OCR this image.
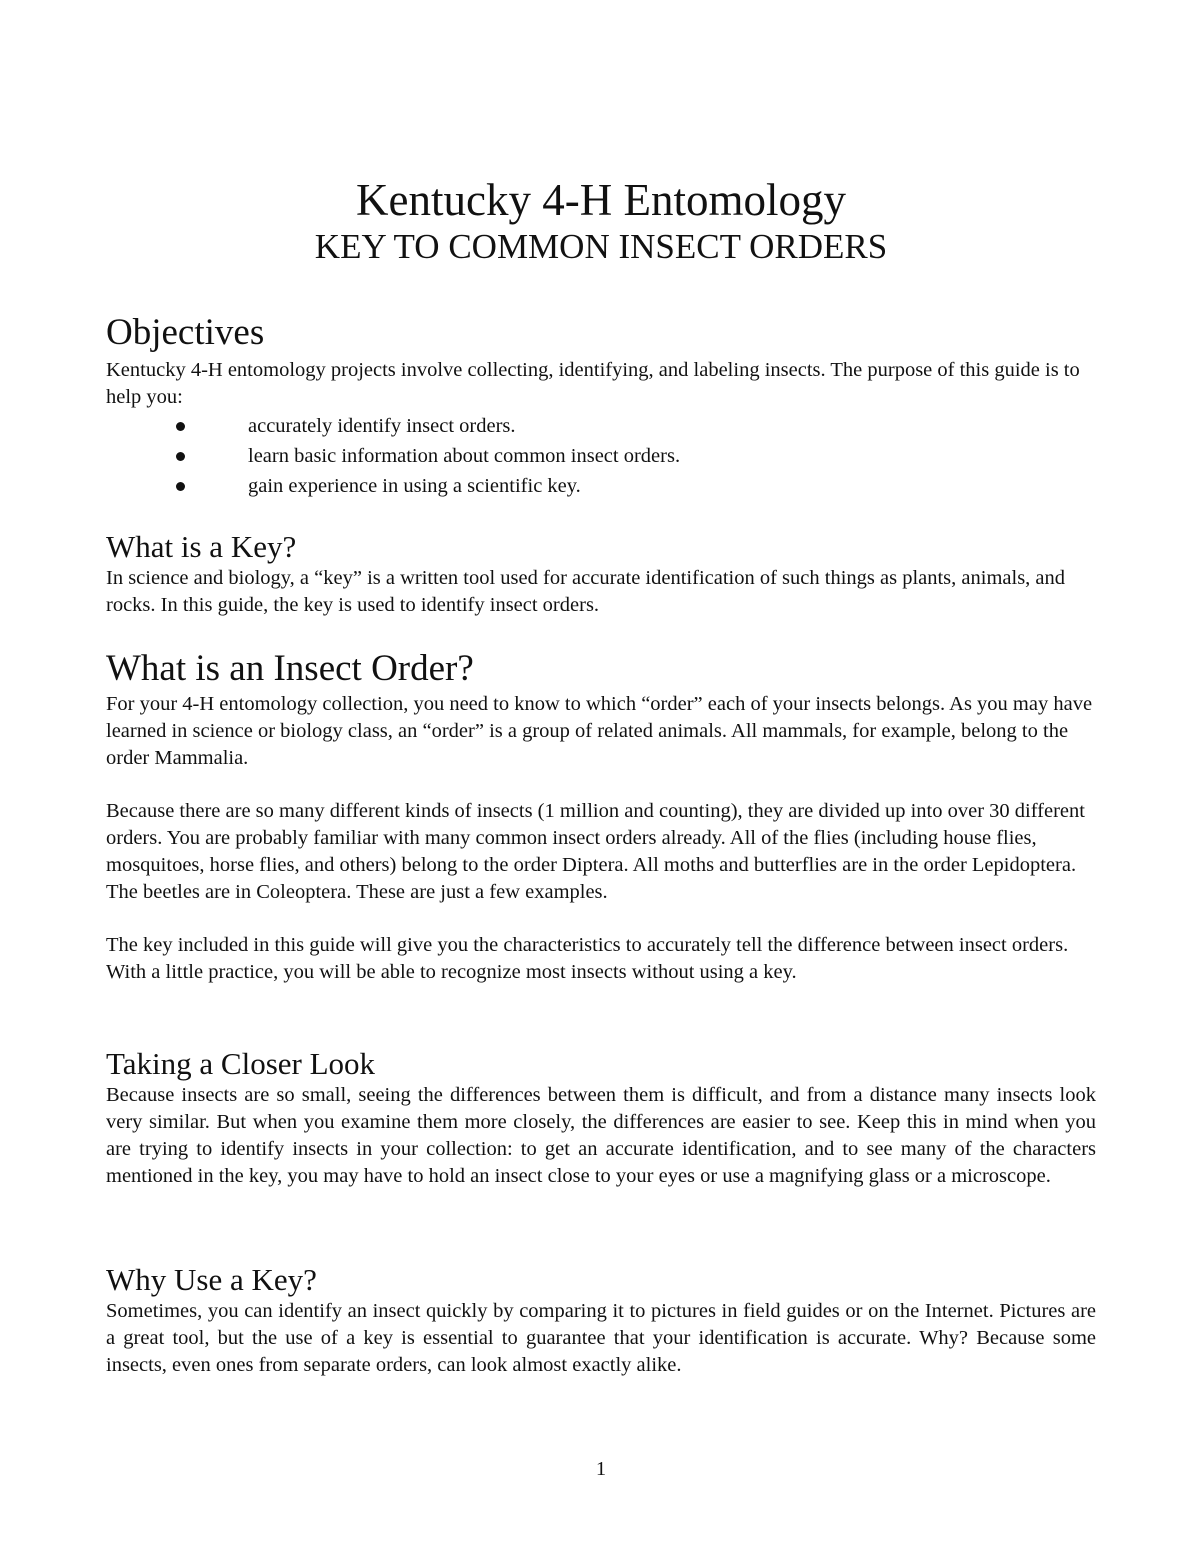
Kentucky 4-H Entomology
KEY TO COMMON INSECT ORDERS
Objectives

Kentucky 4-H entomology projects involve collecting, identifying, and labeling insects. The purpose of this guide is to help you:

accurately identify insect orders.
learn basic information about common insect orders.
gain experience in using a scientific key.
What is a Key?

In science and biology, a “key” is a written tool used for accurate identification of such things as plants, animals, and rocks. In this guide, the key is used to identify insect orders.

What is an Insect Order?

For your 4-H entomology collection, you need to know to which “order” each of your insects belongs. As you may have learned in science or biology class, an “order” is a group of related animals. All mammals, for example, belong to the order Mammalia.

Because there are so many different kinds of insects (1 million and counting), they are divided up into over 30 different orders. You are probably familiar with many common insect orders already. All of the flies (including house flies, mosquitoes, horse flies, and others) belong to the order Diptera. All moths and butterflies are in the order Lepidoptera. The beetles are in Coleoptera. These are just a few examples.

The key included in this guide will give you the characteristics to accurately tell the difference between insect orders. With a little practice, you will be able to recognize most insects without using a key.

Taking a Closer Look

Because insects are so small, seeing the differences between them is difficult, and from a distance many insects look very similar. But when you examine them more closely, the differences are easier to see. Keep this in mind when you are trying to identify insects in your collection: to get an accurate identification, and to see many of the characters mentioned in the key, you may have to hold an insect close to your eyes or use a magnifying glass or a microscope.

Why Use a Key?

Sometimes, you can identify an insect quickly by comparing it to pictures in field guides or on the Internet. Pictures are a great tool, but the use of a key is essential to guarantee that your identification is accurate. Why? Because some insects, even ones from separate orders, can look almost exactly alike.

1
